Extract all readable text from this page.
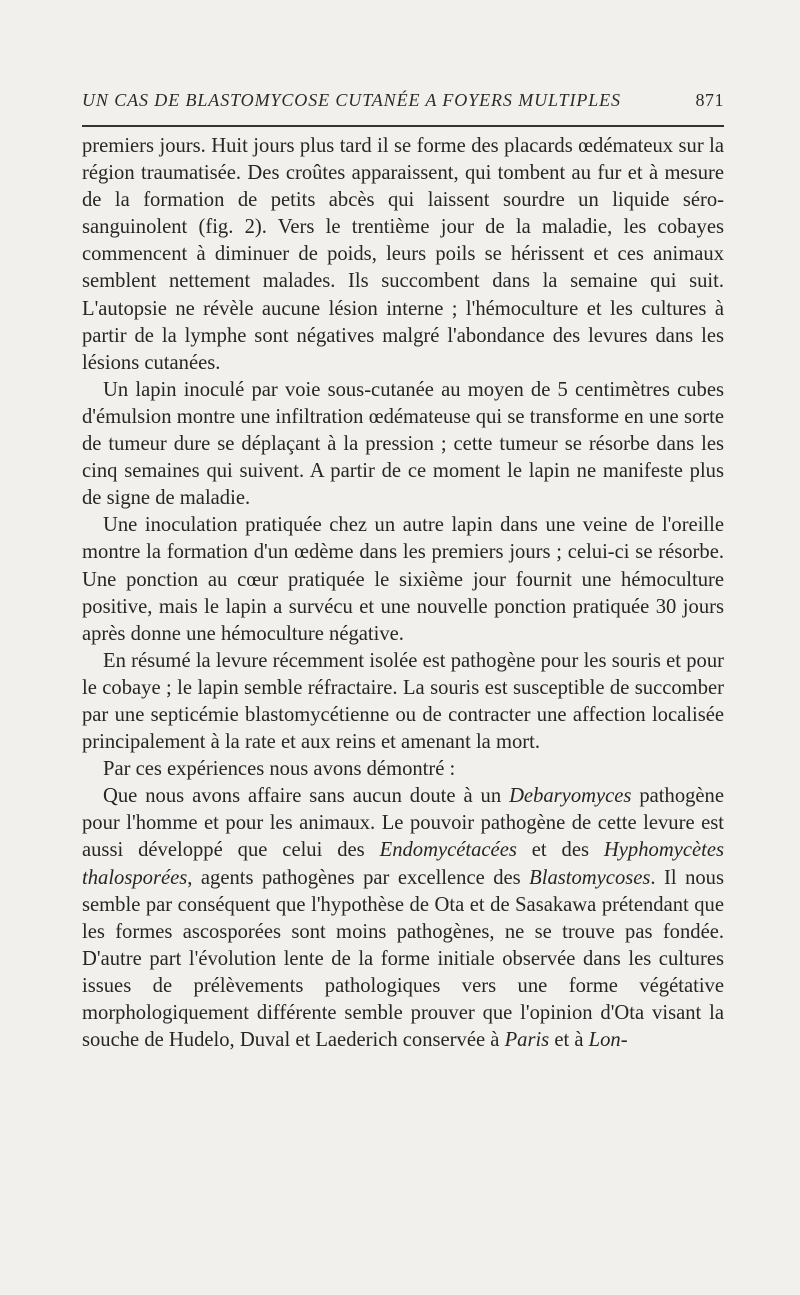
UN CAS DE BLASTOMYCOSE CUTANÉE A FOYERS MULTIPLES	871

premiers jours. Huit jours plus tard il se forme des placards œdémateux sur la région traumatisée. Des croûtes apparaissent, qui tombent au fur et à mesure de la formation de petits abcès qui laissent sourdre un liquide séro-sanguinolent (fig. 2). Vers le trentième jour de la maladie, les cobayes commencent à diminuer de poids, leurs poils se hérissent et ces animaux semblent nettement malades. Ils succombent dans la semaine qui suit. L'autopsie ne révèle aucune lésion interne ; l'hémoculture et les cultures à partir de la lymphe sont négatives malgré l'abondance des levures dans les lésions cutanées.

Un lapin inoculé par voie sous-cutanée au moyen de 5 centimètres cubes d'émulsion montre une infiltration œdémateuse qui se transforme en une sorte de tumeur dure se déplaçant à la pression ; cette tumeur se résorbe dans les cinq semaines qui suivent. A partir de ce moment le lapin ne manifeste plus de signe de maladie.

Une inoculation pratiquée chez un autre lapin dans une veine de l'oreille montre la formation d'un œdème dans les premiers jours ; celui-ci se résorbe. Une ponction au cœur pratiquée le sixième jour fournit une hémoculture positive, mais le lapin a survécu et une nouvelle ponction pratiquée 30 jours après donne une hémoculture négative.

En résumé la levure récemment isolée est pathogène pour les souris et pour le cobaye ; le lapin semble réfractaire. La souris est susceptible de succomber par une septicémie blastomycétienne ou de contracter une affection localisée principalement à la rate et aux reins et amenant la mort.

Par ces expériences nous avons démontré :

Que nous avons affaire sans aucun doute à un Debaryomyces pathogène pour l'homme et pour les animaux. Le pouvoir pathogène de cette levure est aussi développé que celui des Endomycétacées et des Hyphomycètes thalosporées, agents pathogènes par excellence des Blastomycoses. Il nous semble par conséquent que l'hypothèse de Ota et de Sasakawa prétendant que les formes ascosporées sont moins pathogènes, ne se trouve pas fondée. D'autre part l'évolution lente de la forme initiale observée dans les cultures issues de prélèvements pathologiques vers une forme végétative morphologiquement différente semble prouver que l'opinion d'Ota visant la souche de Hudelo, Duval et Laederich conservée à Paris et à Lon-
